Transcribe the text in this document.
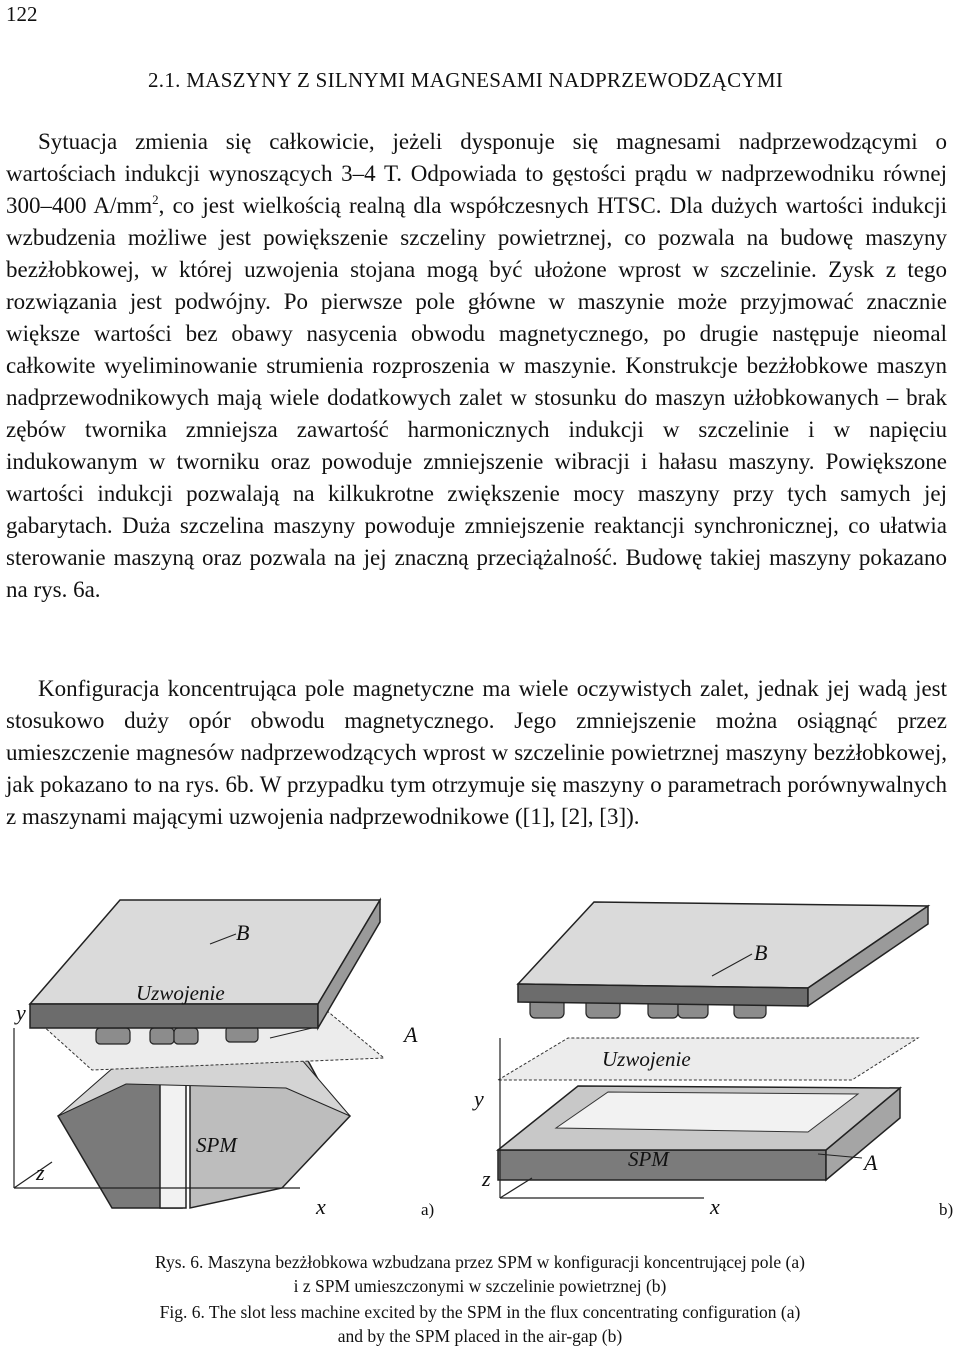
122
2.1. MASZYNY Z SILNYMI MAGNESAMI NADPRZEWODZĄCYMI

Sytuacja zmienia się całkowicie, jeżeli dysponuje się magnesami nadprzewodzącymi o wartościach indukcji wynoszących 3–4 T. Odpowiada to gęstości prądu w nadprzewodniku równej 300–400 $A/mm^2$, co jest wielkością realną dla współczesnych HTSC. Dla dużych wartości indukcji wzbudzenia możliwe jest powiększenie szczeliny powietrznej, co pozwala na budowę maszyny bezżłobkowej, w której uzwojenia stojana mogą być ułożone wprost w szczelinie. Zysk z tego rozwiązania jest podwójny. Po pierwsze pole główne w maszynie może przyjmować znacznie większe wartości bez obawy nasycenia obwodu magnetycznego, po drugie następuje nieomal całkowite wyeliminowanie strumienia rozproszenia w maszynie. Konstrukcje bezżłobkowe maszyn nadprzewodnikowych mają wiele dodatkowych zalet w stosunku do maszyn użłobkowanych – brak zębów twornika zmniejsza zawartość harmonicznych indukcji w szczelinie i w napięciu indukowanym w tworniku oraz powoduje zmniejszenie wibracji i hałasu maszyny. Powiększone wartości indukcji pozwalają na kilkukrotne zwiększenie mocy maszyny przy tych samych jej gabarytach. Duża szczelina maszyny powoduje zmniejszenie reaktancji synchronicznej, co ułatwia sterowanie maszyną oraz pozwala na jej znaczną przeciążalność. Budowę takiej maszyny pokazano na rys. 6a.

Konfiguracja koncentrująca pole magnetyczne ma wiele oczywistych zalet, jednak jej wadą jest stosukowo duży opór obwodu magnetycznego. Jego zmniejszenie można osiągnąć przez umieszczenie magnesów nadprzewodzących wprost w szczelinie powietrznej maszyny bezżłobkowej, jak pokazano to na rys. 6b. W przypadku tym otrzymuje się maszyny o parametrach porównywalnych z maszynami mającymi uzwojenia nadprzewodnikowe ([1], [2], [3]).

B
Uzwojenie
A
SPM
y
z
x	a)
B
Uzwojenie
A
SPM
y
z
x	b)

Rys. 6. Maszyna bezżłobkowa wzbudzana przez SPM w konfiguracji koncentrującej pole (a)

i z SPM umieszczonymi w szczelinie powietrznej (b)

Fig. 6. The slot less machine excited by the SPM in the flux concentrating configuration (a)

and by the SPM placed in the air-gap (b)
